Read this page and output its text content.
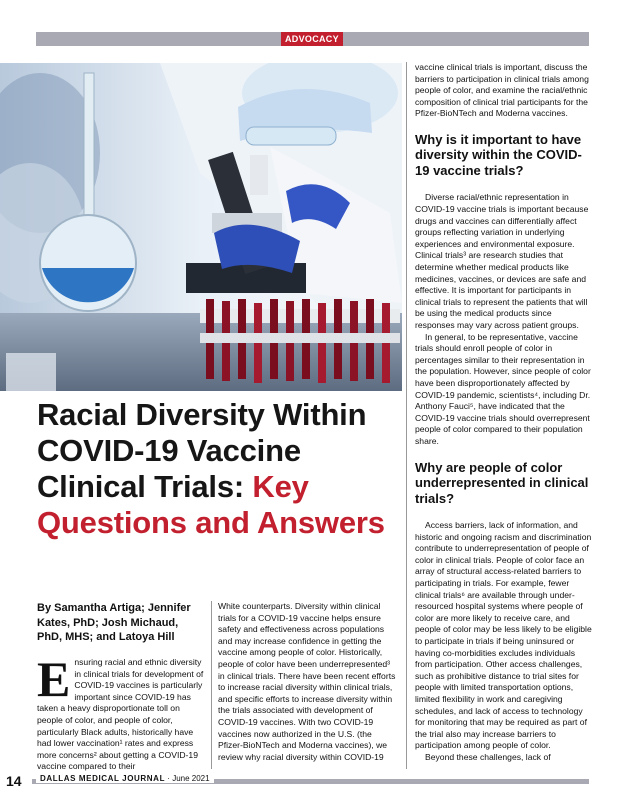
ADVOCACY
Racial Diversity Within COVID-19 Vaccine Clinical Trials: Key Questions and Answers

By Samantha Artiga; Jennifer Kates, PhD; Josh Michaud, PhD, MHS; and Latoya Hill

Ensuring racial and ethnic diversity in clinical trials for development of COVID-19 vaccines is particularly important since COVID-19 has taken a heavy disproportionate toll on people of color, and people of color, particularly Black adults, historically have had lower vaccination¹ rates and express more concerns² about getting a COVID-19 vaccine compared to their
White counterparts. Diversity within clinical trials for a COVID-19 vaccine helps ensure safety and effectiveness across populations and may increase confidence in getting the vaccine among people of color. Historically, people of color have been underrepresented³ in clinical trials. There have been recent efforts to increase racial diversity within clinical trials, and specific efforts to increase diversity within the trials associated with development of COVID-19 vaccines. With two COVID-19 vaccines now authorized in the U.S. (the Pfizer-BioNTech and Moderna vaccines), we review why racial diversity within COVID-19

vaccine clinical trials is important, discuss the barriers to participation in clinical trials among people of color, and examine the racial/ethnic composition of clinical trial participants for the Pfizer-BioNTech and Moderna vaccines.

Why is it important to have diversity within the COVID-19 vaccine trials?

Diverse racial/ethnic representation in COVID-19 vaccine trials is important because drugs and vaccines can differentially affect groups reflecting variation in underlying experiences and environmental exposure. Clinical trials³ are research studies that determine whether medical products like medicines, vaccines, or devices are safe and effective. It is important for participants in clinical trials to represent the patients that will be using the medical products since responses may vary across patient groups.

In general, to be representative, vaccine trials should enroll people of color in percentages similar to their representation in the population. However, since people of color have been disproportionately affected by COVID-19 pandemic, scientists⁴, including Dr. Anthony Fauci⁵, have indicated that the COVID-19 vaccine trials should overrepresent people of color compared to their population share.

Why are people of color underrepresented in clinical trials?

Access barriers, lack of information, and historic and ongoing racism and discrimination contribute to underrepresentation of people of color in clinical trials. People of color face an array of structural access-related barriers to participating in trials. For example, fewer clinical trials⁶ are available through under-resourced hospital systems where people of color are more likely to receive care, and people of color may be less likely to be eligible to participate in trials if being uninsured or having co-morbidities excludes individuals from participation. Other access challenges, such as prohibitive distance to trial sites for people with limited transportation options, limited flexibility in work and caregiving schedules, and lack of access to technology for monitoring that may be required as part of the trial also may increase barriers to participation among people of color.

Beyond these challenges, lack of

14	DALLAS MEDICAL JOURNAL · June 2021
